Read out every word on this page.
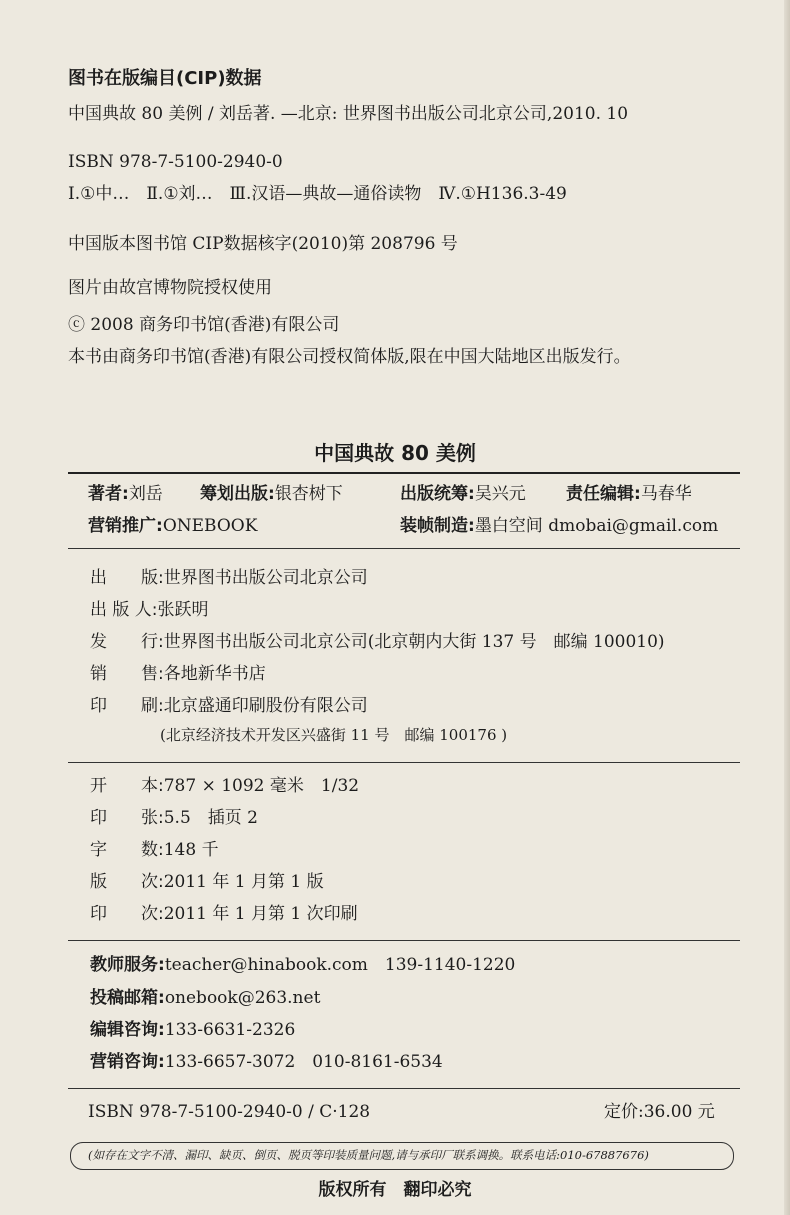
图书在版编目(CIP)数据
中国典故 80 美例 / 刘岳著. —北京: 世界图书出版公司北京公司,2010. 10
ISBN 978-7-5100-2940-0
Ⅰ.①中…　Ⅱ.①刘…　Ⅲ.汉语—典故—通俗读物　Ⅳ.①H136.3-49
中国版本图书馆 CIP数据核字(2010)第 208796 号
图片由故宫博物院授权使用
ⓒ 2008 商务印书馆(香港)有限公司
本书由商务印书馆(香港)有限公司授权简体版,限在中国大陆地区出版发行。
中国典故 80 美例
著者:刘岳 筹划出版:银杏树下	出版统筹:吴兴元 责任编辑:马春华
营销推广:ONEBOOK	装帧制造:墨白空间 dmobai@gmail.com
出　　版:世界图书出版公司北京公司
出 版 人:张跃明
发　　行:世界图书出版公司北京公司(北京朝内大街 137 号　邮编 100010)
销　　售:各地新华书店
印　　刷:北京盛通印刷股份有限公司
(北京经济技术开发区兴盛街 11 号　邮编 100176 )
开　　本:787 × 1092 毫米　1/32
印　　张:5.5　插页 2
字　　数:148 千
版　　次:2011 年 1 月第 1 版
印　　次:2011 年 1 月第 1 次印刷
教师服务:teacher@hinabook.com　139-1140-1220
投稿邮箱:onebook@263.net
编辑咨询:133-6631-2326
营销咨询:133-6657-3072　010-8161-6534
ISBN 978-7-5100-2940-0 / C·128	定价:36.00 元
(如存在文字不清、漏印、缺页、倒页、脱页等印装质量问题,请与承印厂联系调换。联系电话:010-67887676)
版权所有　翻印必究
